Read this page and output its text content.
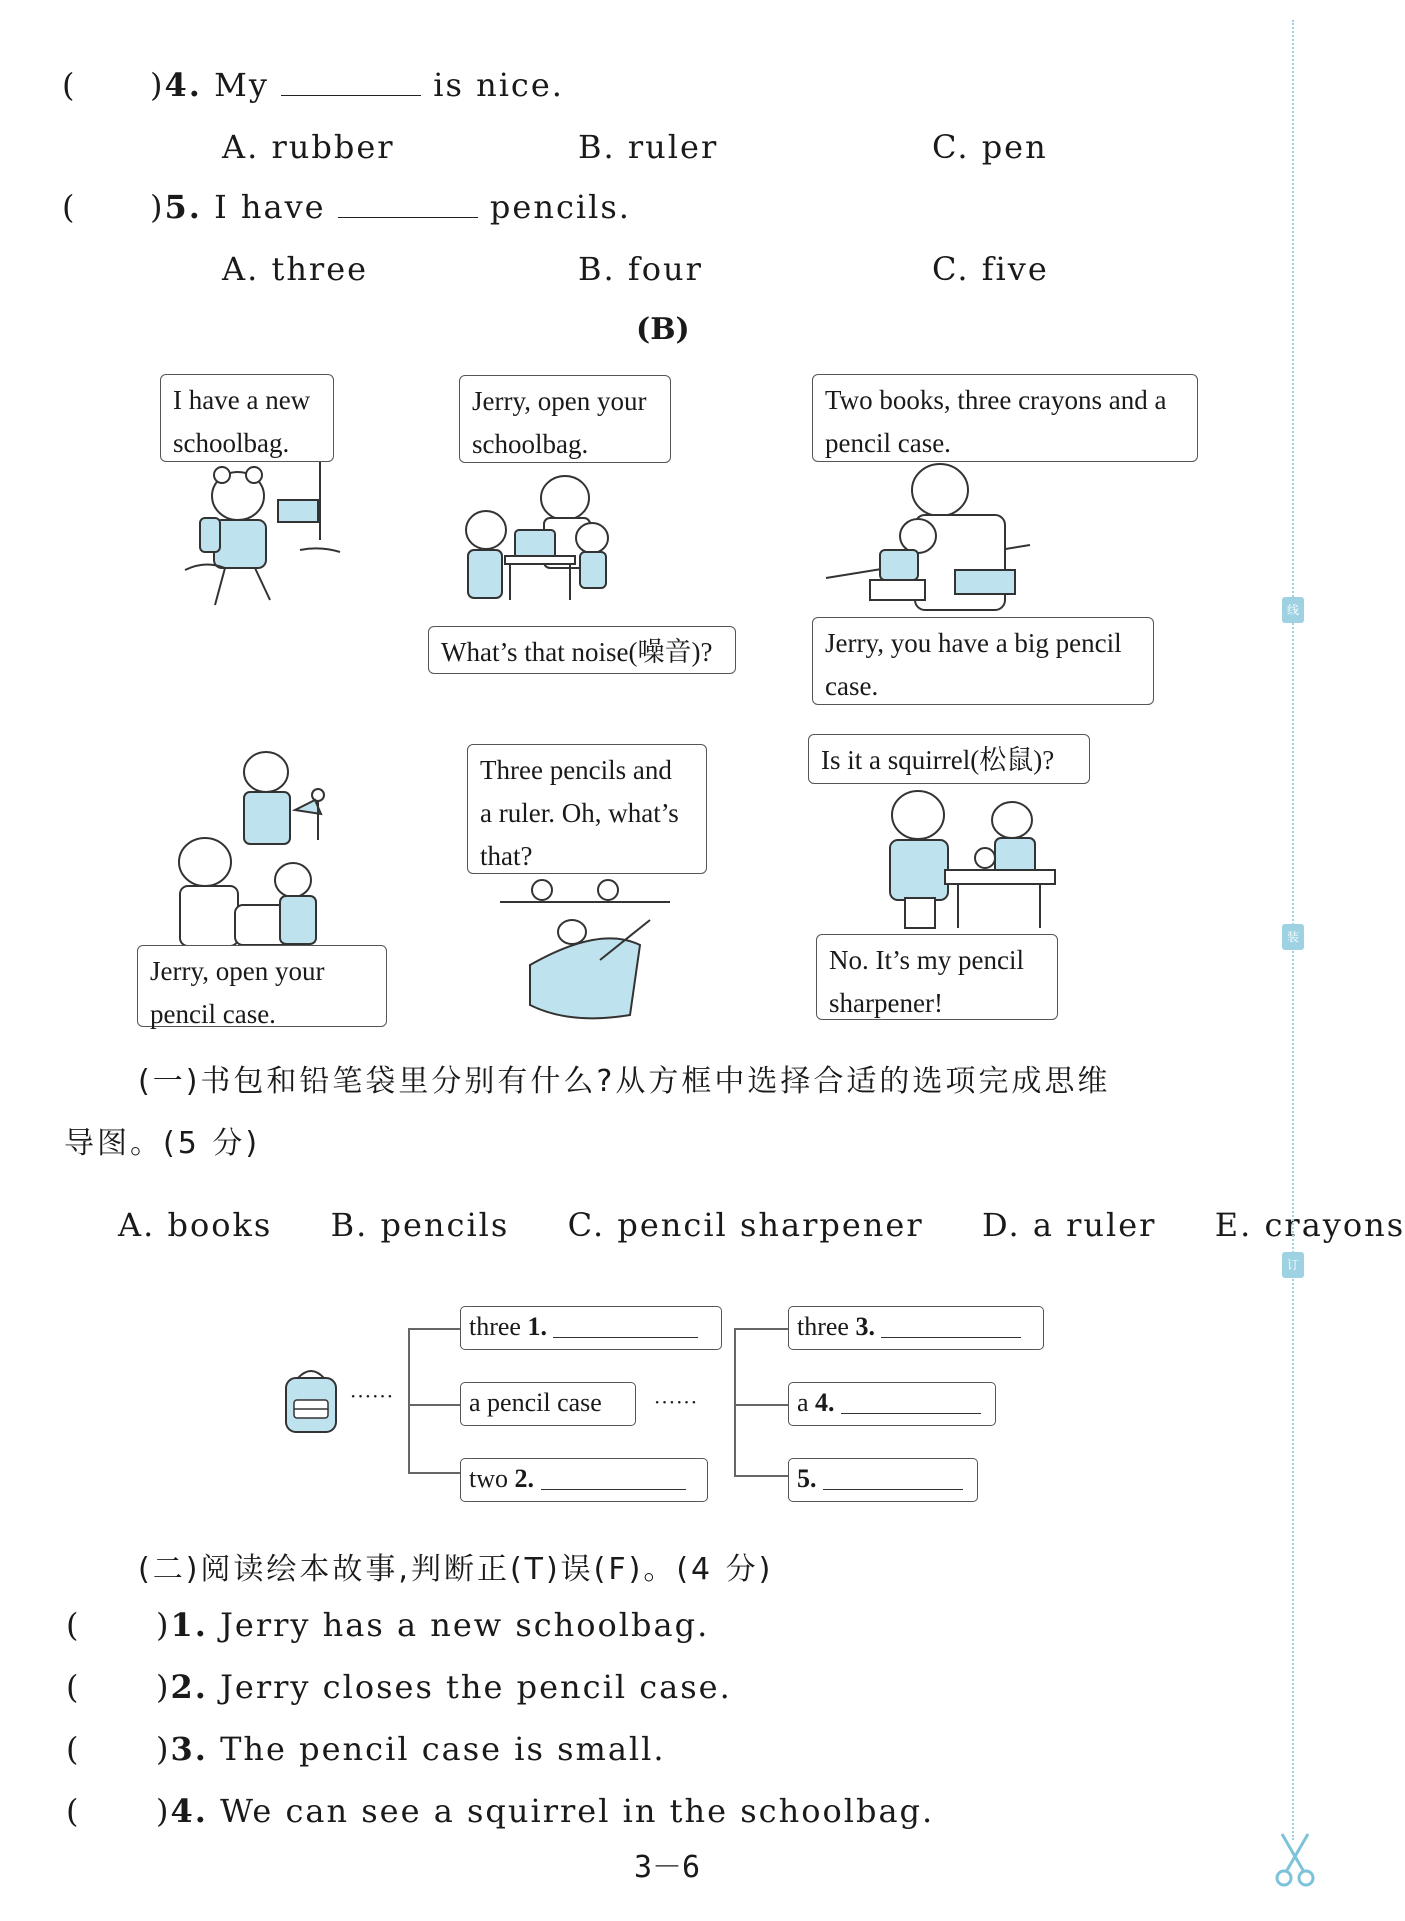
( )4. My	is nice.
A. rubber	B. ruler	C. pen
( )5. I have	pencils.
A. three	B. four	C. five
(B)
I have a new
schoolbag.
Jerry, open your
schoolbag.
What’s that noise(噪音)?
Two books, three crayons and a
pencil case.
Jerry, you have a big pencil
case.
Jerry, open your
pencil case.
Three pencils and
a ruler. Oh, what’s
that?
Is it a squirrel(松鼠)?
No. It’s my pencil
sharpener!
(一)书包和铅笔袋里分别有什么?从方框中选择合适的选项完成思维
导图。(5 分)
A. books B. pencils C. pencil sharpener D. a ruler E. crayons
······
three 1.
a pencil case
two 2.
······
three 3.
a 4.
5.
(二)阅读绘本故事,判断正(T)误(F)。(4 分)
( )1. Jerry has a new schoolbag.
( )2. Jerry closes the pencil case.
( )3. The pencil case is small.
( )4. We can see a squirrel in the schoolbag.
3－6
线
装
订
